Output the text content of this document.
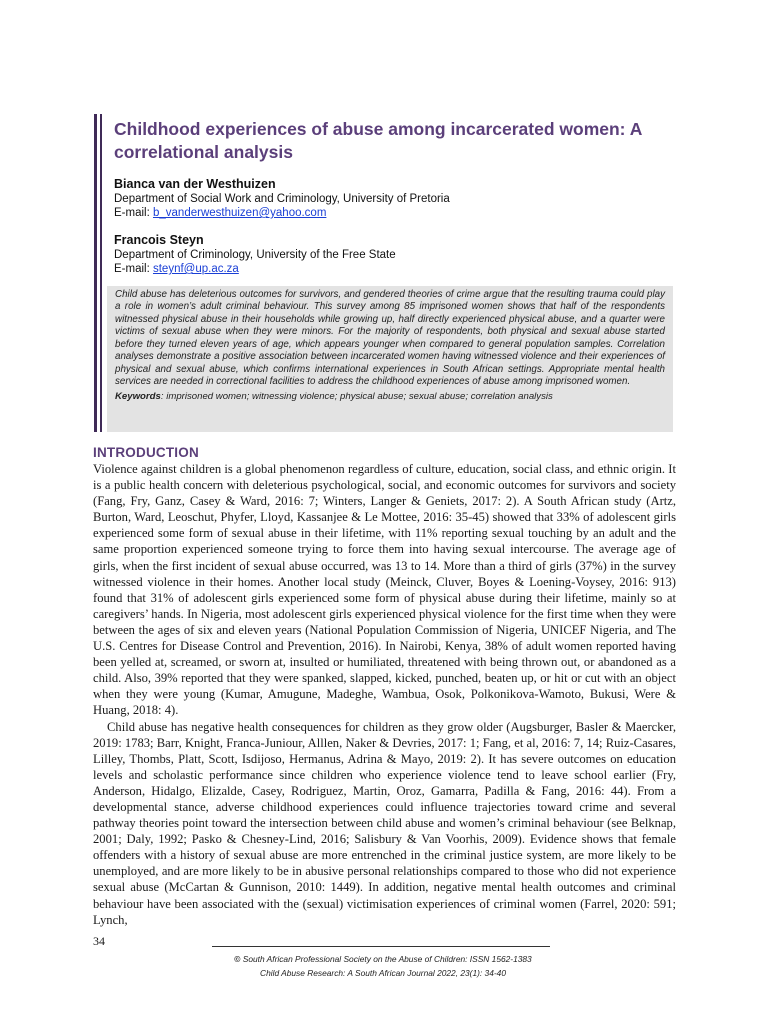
Childhood experiences of abuse among incarcerated women: A correlational analysis
Bianca van der Westhuizen
Department of Social Work and Criminology, University of Pretoria
E-mail: b_vanderwesthuizen@yahoo.com
Francois Steyn
Department of Criminology, University of the Free State
E-mail: steynf@up.ac.za

Child abuse has deleterious outcomes for survivors, and gendered theories of crime argue that the resulting trauma could play a role in women’s adult criminal behaviour. This survey among 85 imprisoned women shows that half of the respondents witnessed physical abuse in their households while growing up, half directly experienced physical abuse, and a quarter were victims of sexual abuse when they were minors. For the majority of respondents, both physical and sexual abuse started before they turned eleven years of age, which appears younger when compared to general population samples. Correlation analyses demonstrate a positive association between incarcerated women having witnessed violence and their experiences of physical and sexual abuse, which confirms international experiences in South African settings. Appropriate mental health services are needed in correctional facilities to address the childhood experiences of abuse among imprisoned women.

Keywords: imprisoned women; witnessing violence; physical abuse; sexual abuse; correlation analysis

INTRODUCTION

Violence against children is a global phenomenon regardless of culture, education, social class, and ethnic origin. It is a public health concern with deleterious psychological, social, and economic outcomes for survivors and society (Fang, Fry, Ganz, Casey & Ward, 2016: 7; Winters, Langer & Geniets, 2017: 2). A South African study (Artz, Burton, Ward, Leoschut, Phyfer, Lloyd, Kassanjee & Le Mottee, 2016: 35-45) showed that 33% of adolescent girls experienced some form of sexual abuse in their lifetime, with 11% reporting sexual touching by an adult and the same proportion experienced someone trying to force them into having sexual intercourse. The average age of girls, when the first incident of sexual abuse occurred, was 13 to 14. More than a third of girls (37%) in the survey witnessed violence in their homes. Another local study (Meinck, Cluver, Boyes & Loening-Voysey, 2016: 913) found that 31% of adolescent girls experienced some form of physical abuse during their lifetime, mainly so at caregivers’ hands. In Nigeria, most adolescent girls experienced physical violence for the first time when they were between the ages of six and eleven years (National Population Commission of Nigeria, UNICEF Nigeria, and The U.S. Centres for Disease Control and Prevention, 2016). In Nairobi, Kenya, 38% of adult women reported having been yelled at, screamed, or sworn at, insulted or humiliated, threatened with being thrown out, or abandoned as a child. Also, 39% reported that they were spanked, slapped, kicked, punched, beaten up, or hit or cut with an object when they were young (Kumar, Amugune, Madeghe, Wambua, Osok, Polkonikova-Wamoto, Bukusi, Were & Huang, 2018: 4).

Child abuse has negative health consequences for children as they grow older (Augsburger, Basler & Maercker, 2019: 1783; Barr, Knight, Franca-Juniour, Alllen, Naker & Devries, 2017: 1; Fang, et al, 2016: 7, 14; Ruiz-Casares, Lilley, Thombs, Platt, Scott, Isdijoso, Hermanus, Adrina & Mayo, 2019: 2). It has severe outcomes on education levels and scholastic performance since children who experience violence tend to leave school earlier (Fry, Anderson, Hidalgo, Elizalde, Casey, Rodriguez, Martin, Oroz, Gamarra, Padilla & Fang, 2016: 44). From a developmental stance, adverse childhood experiences could influence trajectories toward crime and several pathway theories point toward the intersection between child abuse and women’s criminal behaviour (see Belknap, 2001; Daly, 1992; Pasko & Chesney-Lind, 2016; Salisbury & Van Voorhis, 2009). Evidence shows that female offenders with a history of sexual abuse are more entrenched in the criminal justice system, are more likely to be unemployed, and are more likely to be in abusive personal relationships compared to those who did not experience sexual abuse (McCartan & Gunnison, 2010: 1449). In addition, negative mental health outcomes and criminal behaviour have been associated with the (sexual) victimisation experiences of criminal women (Farrel, 2020: 591; Lynch,

34
© South African Professional Society on the Abuse of Children: ISSN 1562-1383
Child Abuse Research: A South African Journal 2022, 23(1): 34-40
